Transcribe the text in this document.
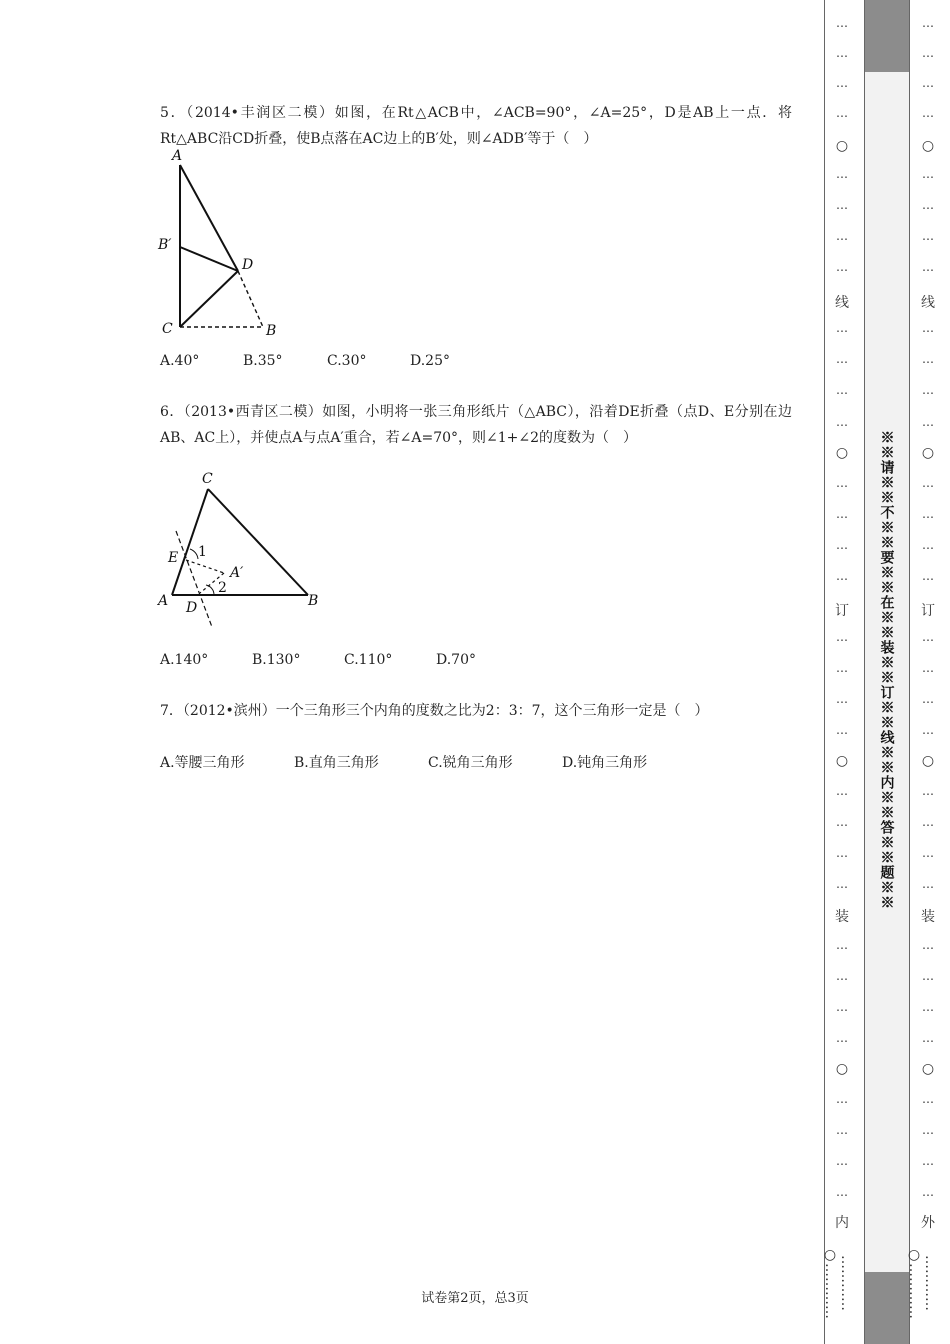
5．（2014•丰润区二模）如图，在Rt△ACB中，∠ACB=90°，∠A=25°，D是AB上一点．将Rt△ABC沿CD折叠，使B点落在AC边上的B′处，则∠ADB′等于（　）

A
B′
D
C	B
A.40°	B.35°	C.30°	D.25°

6．（2013•西青区二模）如图，小明将一张三角形纸片（△ABC），沿着DE折叠（点D、E分别在边AB、AC上），并使点A与点A′重合，若∠A=70°，则∠1+∠2的度数为（　）

C
E 1
A′
2
A D	B
A.140°	B.130°	C.110°	D.70°

7．（2012•滨州）一个三角形三个内角的度数之比为2：3：7，这个三角形一定是（　）

A.等腰三角形	B.直角三角形	C.锐角三角形	D.钝角三角形
试卷第2页，总3页
※※请※※不※※要※※在※※装※※订※※线※※内※※答※※题※※
…
…
…
…
…
…
…
…
…
…
…
…
…
…
…
…
…
…
…
…
…
…
…
…
…
…
…
…
…
…
…
…
○
○
○
○
线
订
装
内
…
…
…
…
…
…
…
…
…
…
…
…
…
…
…
…
…
…
…
…
…
…
…
…
…
…
…
…
…
…
…
…
○
○
○
○
线
订
装
外
…………○…………	…………○…………
